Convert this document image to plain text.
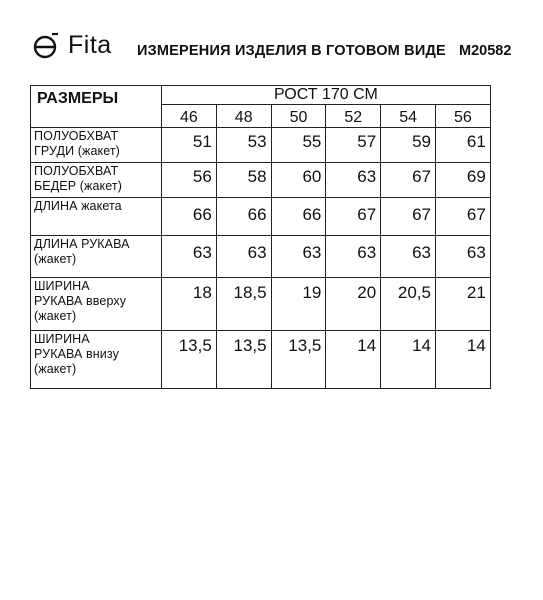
Fita ИЗМЕРЕНИЯ ИЗДЕЛИЯ В ГОТОВОМ ВИДЕ M20582
РАЗМЕРЫ	РОСТ 170 СМ					
	46	48	50	52	54	56

ПОЛУОБХВАТ
ГРУДИ (жакет)	51	53	55	57	59	61

ПОЛУОБХВАТ
БЕДЕР (жакет)	56	58	60	63	67	69

ДЛИНА жакета	66	66	66	67	67	67

ДЛИНА РУКАВА
(жакет)	63	63	63	63	63	63

ШИРИНА
РУКАВА вверху
(жакет)	18	18,5	19	20	20,5	21

ШИРИНА
РУКАВА внизу
(жакет)	13,5	13,5	13,5	14	14	14
